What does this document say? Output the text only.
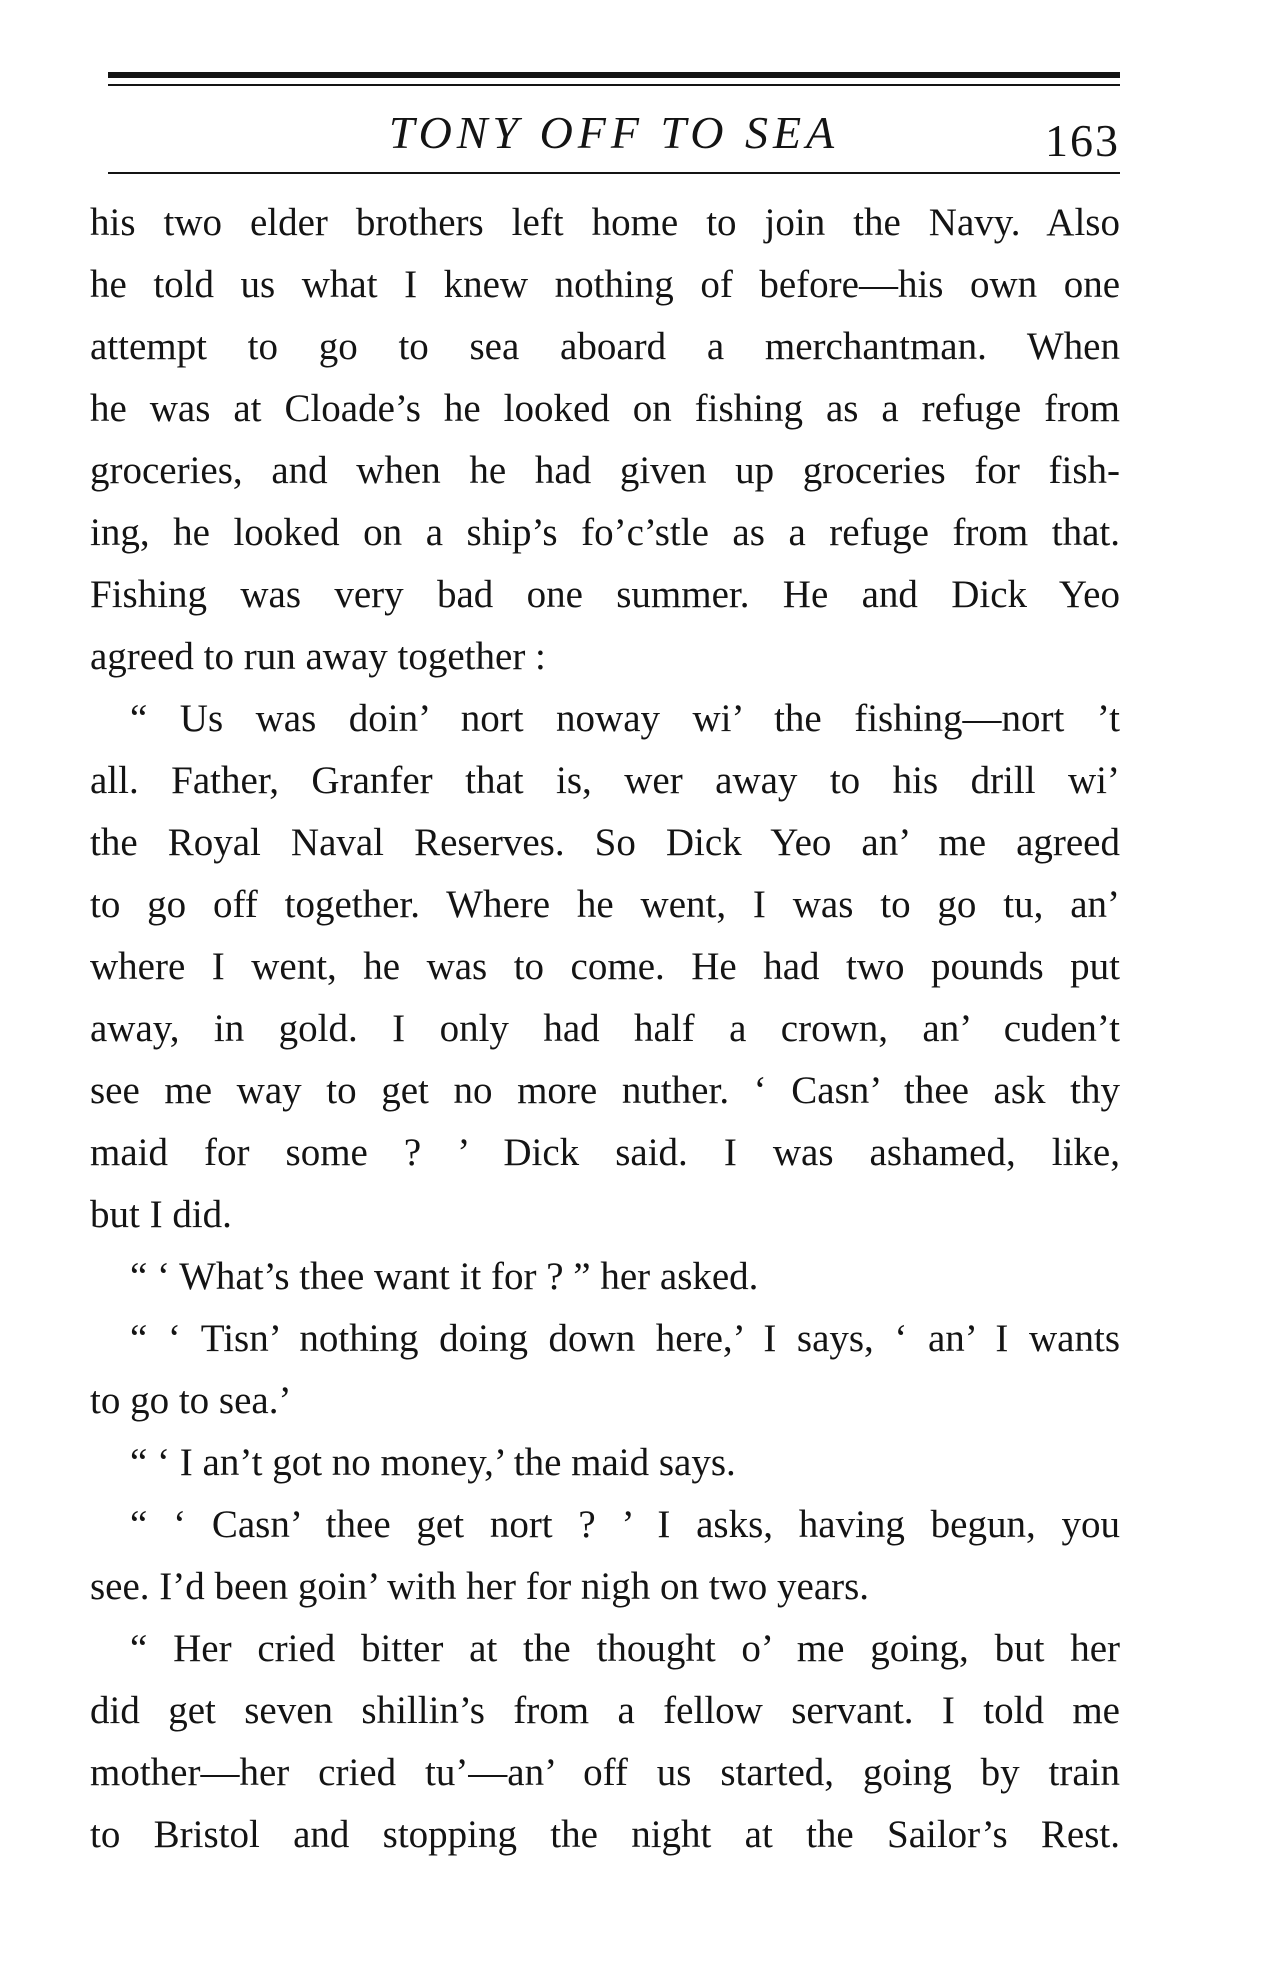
TONY OFF TO SEA	163
his two elder brothers left home to join the Navy. Also
he told us what I knew nothing of before—his own one
attempt to go to sea aboard a merchantman. When
he was at Cloade’s he looked on fishing as a refuge from
groceries, and when he had given up groceries for fish-
ing, he looked on a ship’s fo’c’stle as a refuge from that.
Fishing was very bad one summer. He and Dick Yeo
agreed to run away together :
“ Us was doin’ nort noway wi’ the fishing—nort ’t
all. Father, Granfer that is, wer away to his drill wi’
the Royal Naval Reserves. So Dick Yeo an’ me agreed
to go off together. Where he went, I was to go tu, an’
where I went, he was to come. He had two pounds put
away, in gold. I only had half a crown, an’ cuden’t
see me way to get no more nuther. ‘ Casn’ thee ask thy
maid for some ? ’ Dick said. I was ashamed, like,
but I did.
“ ‘ What’s thee want it for ? ” her asked.
“ ‘ Tisn’ nothing doing down here,’ I says, ‘ an’ I wants
to go to sea.’
“ ‘ I an’t got no money,’ the maid says.
“ ‘ Casn’ thee get nort ? ’ I asks, having begun, you
see. I’d been goin’ with her for nigh on two years.
“ Her cried bitter at the thought o’ me going, but her
did get seven shillin’s from a fellow servant. I told me
mother—her cried tu’—an’ off us started, going by train
to Bristol and stopping the night at the Sailor’s Rest.
